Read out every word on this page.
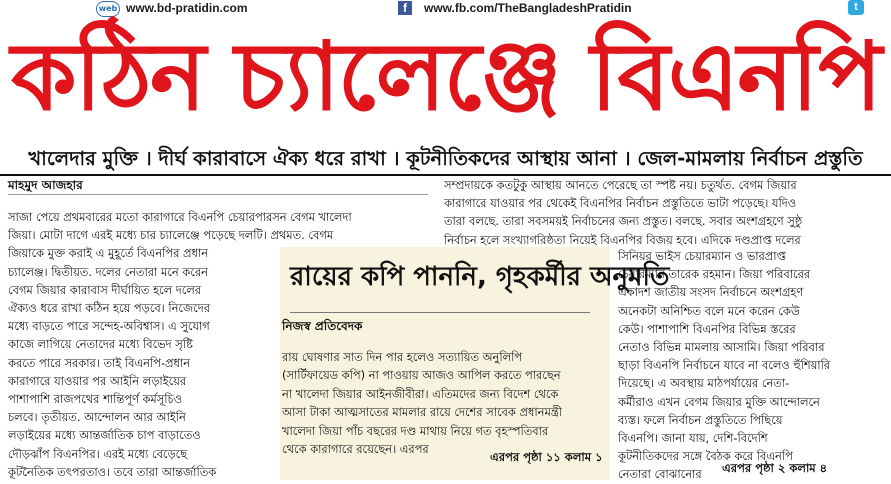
web www.bd-pratidin.com	f	www.fb.com/TheBangladeshPratidin	t
কঠিন চ্যালেঞ্জে বিএনপি
খালেদার মুক্তি । দীর্ঘ কারাবাসে ঐক্য ধরে রাখা । কূটনীতিকদের আস্থায় আনা । জেল-মামলায় নির্বাচন প্রস্তুতি
মাহমুদ আজহার
সাজা পেয়ে প্রথমবারের মতো কারাগারে বিএনপি চেয়ারপারসন বেগম খালেদা
জিয়া। মোটা দাগে এরই মধ্যে চার চ্যালেঞ্জে পড়েছে দলটি। প্রথমত. বেগম
জিয়াকে মুক্ত করাই এ মুহূর্তে বিএনপির প্রধান
চ্যালেঞ্জ। দ্বিতীয়ত. দলের নেতারা মনে করেন
বেগম জিয়ার কারাবাস দীর্ঘায়িত হলে দলের
ঐক্যও ধরে রাখা কঠিন হয়ে পড়বে। নিজেদের
মধ্যে বাড়তে পারে সন্দেহ-অবিশ্বাস। এ সুযোগ
কাজে লাগিয়ে নেতাদের মধ্যে বিভেদ সৃষ্টি
করতে পারে সরকার। তাই বিএনপি-প্রধান
কারাগারে যাওয়ার পর আইনি লড়াইয়ের
পাশাপাশি রাজপথের শান্তিপূর্ণ কর্মসূচিও
চলবে। তৃতীয়ত. আন্দোলন আর আইনি
লড়াইয়ের মধ্যে আন্তর্জাতিক চাপ বাড়াতেও
দৌড়ঝাঁপ বিএনপির। এরই মধ্যে বেড়েছে
কূটনৈতিক তৎপরতাও। তবে তারা আন্তর্জাতিক
সম্প্রদায়কে কতটুকু আস্থায় আনতে পেরেছে তা স্পষ্ট নয়। চতুর্থত. বেগম জিয়ার
কারাগারে যাওয়ার পর থেকেই বিএনপির নির্বাচন প্রস্তুতিতে ভাটা পড়েছে। যদিও
তারা বলছে. তারা সবসময়ই নির্বাচনের জন্য প্রস্তুত। বলছে. সবার অংশগ্রহণে সুষ্ঠু
নির্বাচন হলে সংখ্যাগরিষ্ঠতা নিয়েই বিএনপির বিজয় হবে। এদিকে দণ্ডপ্রাপ্ত দলের
সিনিয়র ভাইস চেয়ারম্যান ও ভারপ্রাপ্ত
চেয়ারম্যান তারেক রহমান। জিয়া পরিবারের
একাদশ জাতীয় সংসদ নির্বাচনে অংশগ্রহণ
অনেকটা অনিশ্চিত বলে মনে করেন কেউ
কেউ। পাশাপাশি বিএনপির বিভিন্ন স্তরের
নেতাও বিভিন্ন মামলায় আসামি। জিয়া পরিবার
ছাড়া বিএনপি নির্বাচনে যাবে না বলেও হুঁশিয়ারি
দিয়েছে। এ অবস্থায় মাঠপর্যায়ের নেতা-
কর্মীরাও এখন বেগম জিয়ার মুক্তি আন্দোলনে
ব্যস্ত। ফলে নির্বাচন প্রস্তুতিতে পিছিয়ে
বিএনপি। জানা যায়, দেশি-বিদেশি
কূটনীতিকদের সঙ্গে বৈঠক করে বিএনপি
নেতারা বোঝানোর	এরপর পৃষ্ঠা ২ কলাম ৪
রায়ের কপি পাননি, গৃহকর্মীর অনুমতি
নিজস্ব প্রতিবেদক
রায় ঘোষণার সাত দিন পার হলেও সত্যায়িত অনুলিপি
(সার্টিফায়েড কপি) না পাওয়ায় আজও আপিল করতে পারছেন
না খালেদা জিয়ার আইনজীবীরা। এতিমদের জন্য বিদেশ থেকে
আসা টাকা আত্মসাতের মামলার রায়ে দেশের সাবেক প্রধানমন্ত্রী
খালেদা জিয়া পাঁচ বছরের দণ্ড মাথায় নিয়ে গত বৃহস্পতিবার
থেকে কারাগারে রয়েছেন। এরপর
এরপর পৃষ্ঠা ১১ কলাম ১
